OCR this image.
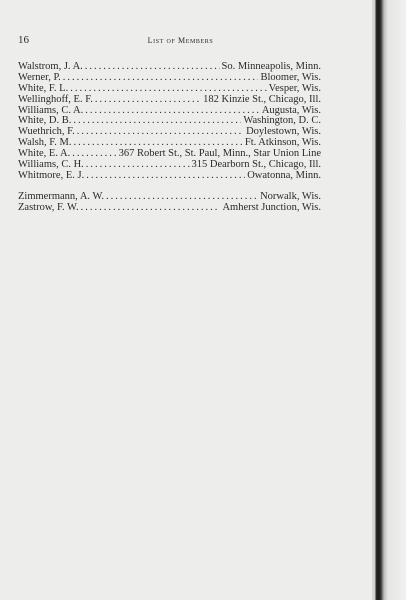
16	List of Members
Walstrom, J. A. .....	So. Minneapolis, Minn.
Werner, P. .....	Bloomer, Wis.
White, F. L. .....	Vesper, Wis.
Wellinghoff, E. F. .....	182 Kinzie St., Chicago, Ill.
Williams, C. A. .....	Augusta, Wis.
White, D. B. .....	Washington, D. C.
Wuethrich, F. .....	Doylestown, Wis.
Walsh, F. M. .....	Ft. Atkinson, Wis.
White, E. A. .....	367 Robert St., St. Paul, Minn., Star Union Line
Williams, C. H. .....	315 Dearborn St., Chicago, Ill.
Whitmore, E. J. .....	Owatonna, Minn.
Zimmermann, A. W. .....	Norwalk, Wis.
Zastrow, F. W. .....	Amherst Junction, Wis.
